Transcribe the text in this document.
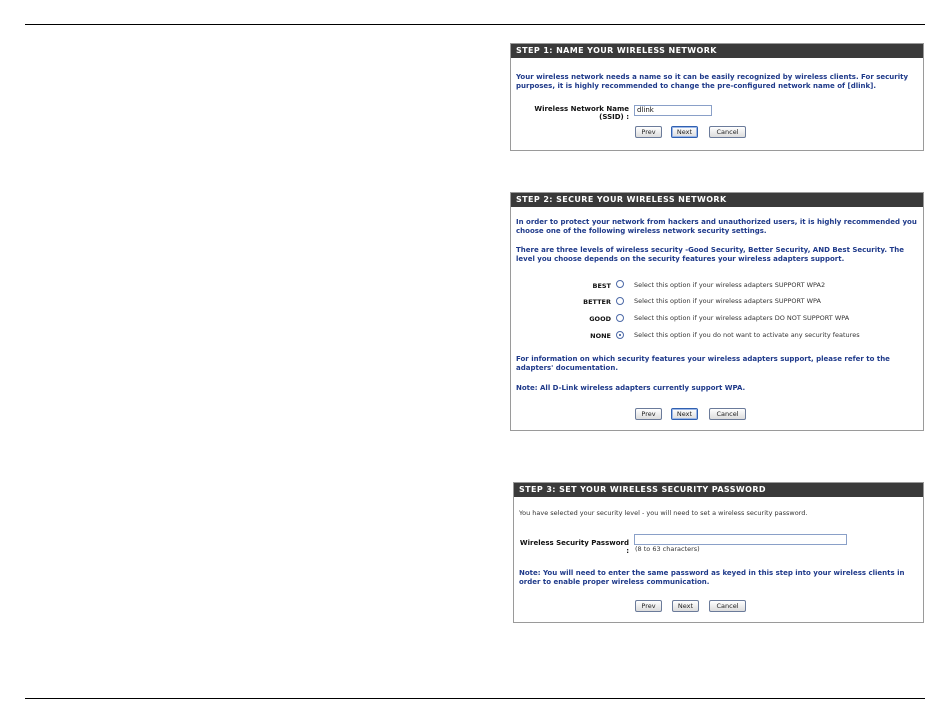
STEP 1: NAME YOUR WIRELESS NETWORK
Your wireless network needs a name so it can be easily recognized by wireless clients. For security purposes, it is highly recommended to change the pre-configured network name of [dlink].
Wireless Network Name
(SSID) :
dlink
Prev	Next	Cancel
STEP 2: SECURE YOUR WIRELESS NETWORK
In order to protect your network from hackers and unauthorized users, it is highly recommended you choose one of the following wireless network security settings.
There are three levels of wireless security -Good Security, Better Security, AND Best Security. The level you choose depends on the security features your wireless adapters support.
BEST	Select this option if your wireless adapters SUPPORT WPA2
BETTER	Select this option if your wireless adapters SUPPORT WPA
GOOD	Select this option if your wireless adapters DO NOT SUPPORT WPA
NONE	Select this option if you do not want to activate any security features
For information on which security features your wireless adapters support, please refer to the adapters' documentation.
Note: All D-Link wireless adapters currently support WPA.
Prev	Next	Cancel
STEP 3: SET YOUR WIRELESS SECURITY PASSWORD
You have selected your security level - you will need to set a wireless security password.
Wireless Security Password : (8 to 63 characters)
Note: You will need to enter the same password as keyed in this step into your wireless clients in order to enable proper wireless communication.
Prev	Next	Cancel
